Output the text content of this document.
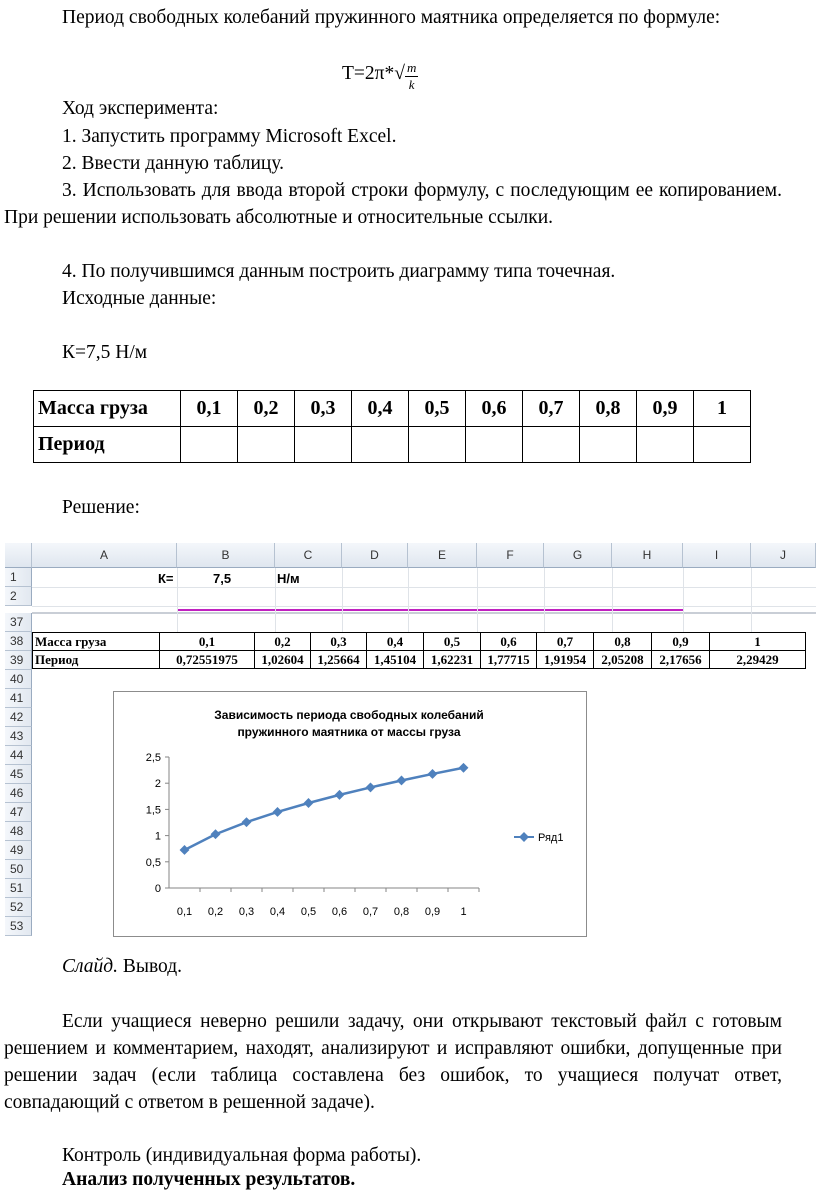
Период свободных колебаний пружинного маятника определяется по формуле:
$T=2\pi*√ \frac{m}{k}$
Ход эксперимента:
1. Запустить программу Microsoft Excel.
2. Ввести данную таблицу.
3. Использовать для ввода второй строки формулу, с последующим ее копированием. При решении использовать абсолютные и относительные ссылки.
4. По получившимся данным построить диаграмму типа точечная.
Исходные данные:
К=7,5 Н/м
Масса груза	0,1	0,2	0,3	0,4	0,5	0,6	0,7	0,8	0,9	1
Период										
Решение:
A	B	C	D	E	F	G	H	I	J
1
2
37
38
39
40
41
42
43
44
45
46
47
48
49
50
51
52
53
К=	7,5	Н/м
Масса груза	0,1	0,2	0,3	0,4	0,5	0,6	0,7	0,8	0,9	1
Период	0,72551975	1,02604	1,25664	1,45104	1,62231	1,77715	1,91954	2,05208	2,17656	2,29429
Зависимость периода свободных колебаний
пружинного маятника от массы груза
0
0,5
1
1,5
2
2,5
0,1 0,2 0,3 0,4 0,5 0,6 0,7 0,8 0,9 1
Ряд1
Слайд. Вывод.
Если учащиеся неверно решили задачу, они открывают текстовый файл с готовым решением и комментарием, находят, анализируют и исправляют ошибки, допущенные при решении задач (если таблица составлена без ошибок, то учащиеся получат ответ, совпадающий с ответом в решенной задаче).
Контроль (индивидуальная форма работы).
Анализ полученных результатов.
